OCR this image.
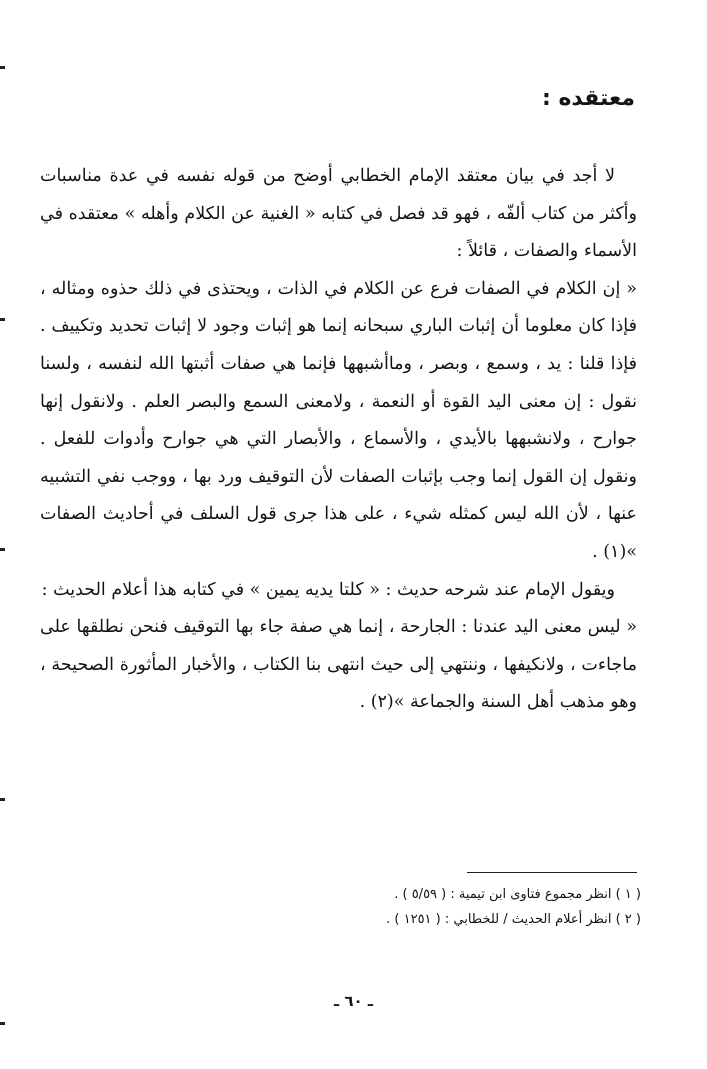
معتقده :

لا أجد في بيان معتقد الإمام الخطابي أوضح من قوله نفسه في عدة مناسبات وأكثر من كتاب ألفّه ، فهو قد فصل في كتابه « الغنية عن الكلام وأهله » معتقده في الأسماء والصفات ، قائلاً :

« إن الكلام في الصفات فرع عن الكلام في الذات ، ويحتذى في ذلك حذوه ومثاله ، فإذا كان معلوما أن إثبات الباري سبحانه إنما هو إثبات وجود لا إثبات تحديد وتكييف . فإذا قلنا : يد ، وسمع ، وبصر ، وماأشبهها فإنما هي صفات أثبتها الله لنفسه ، ولسنا نقول : إن معنى اليد القوة أو النعمة ، ولامعنى السمع والبصر العلم . ولانقول إنها جوارح ، ولانشبهها بالأيدي ، والأسماع ، والأبصار التي هي جوارح وأدوات للفعل . ونقول إن القول إنما وجب بإثبات الصفات لأن التوقيف ورد بها ، ووجب نفي التشبيه عنها ، لأن الله ليس كمثله شيء ، على هذا جرى قول السلف في أحاديث الصفات »(١) .

ويقول الإمام عند شرحه حديث : « كلتا يديه يمين » في كتابه هذا أعلام الحديث :

« ليس معنى اليد عندنا : الجارحة ، إنما هي صفة جاء بها التوقيف فنحن نطلقها على ماجاءت ، ولانكيفها ، وننتهي إلى حيث انتهى بنا الكتاب ، والأخبار المأثورة الصحيحة ، وهو مذهب أهل السنة والجماعة »(٢) .

( ١ ) انظر مجموع فتاوى ابن تيمية : ( ٥/٥٩ ) .
( ٢ ) انظر أعلام الحديث / للخطابي : ( ١٢٥١ ) .
ـ ٦٠ ـ
